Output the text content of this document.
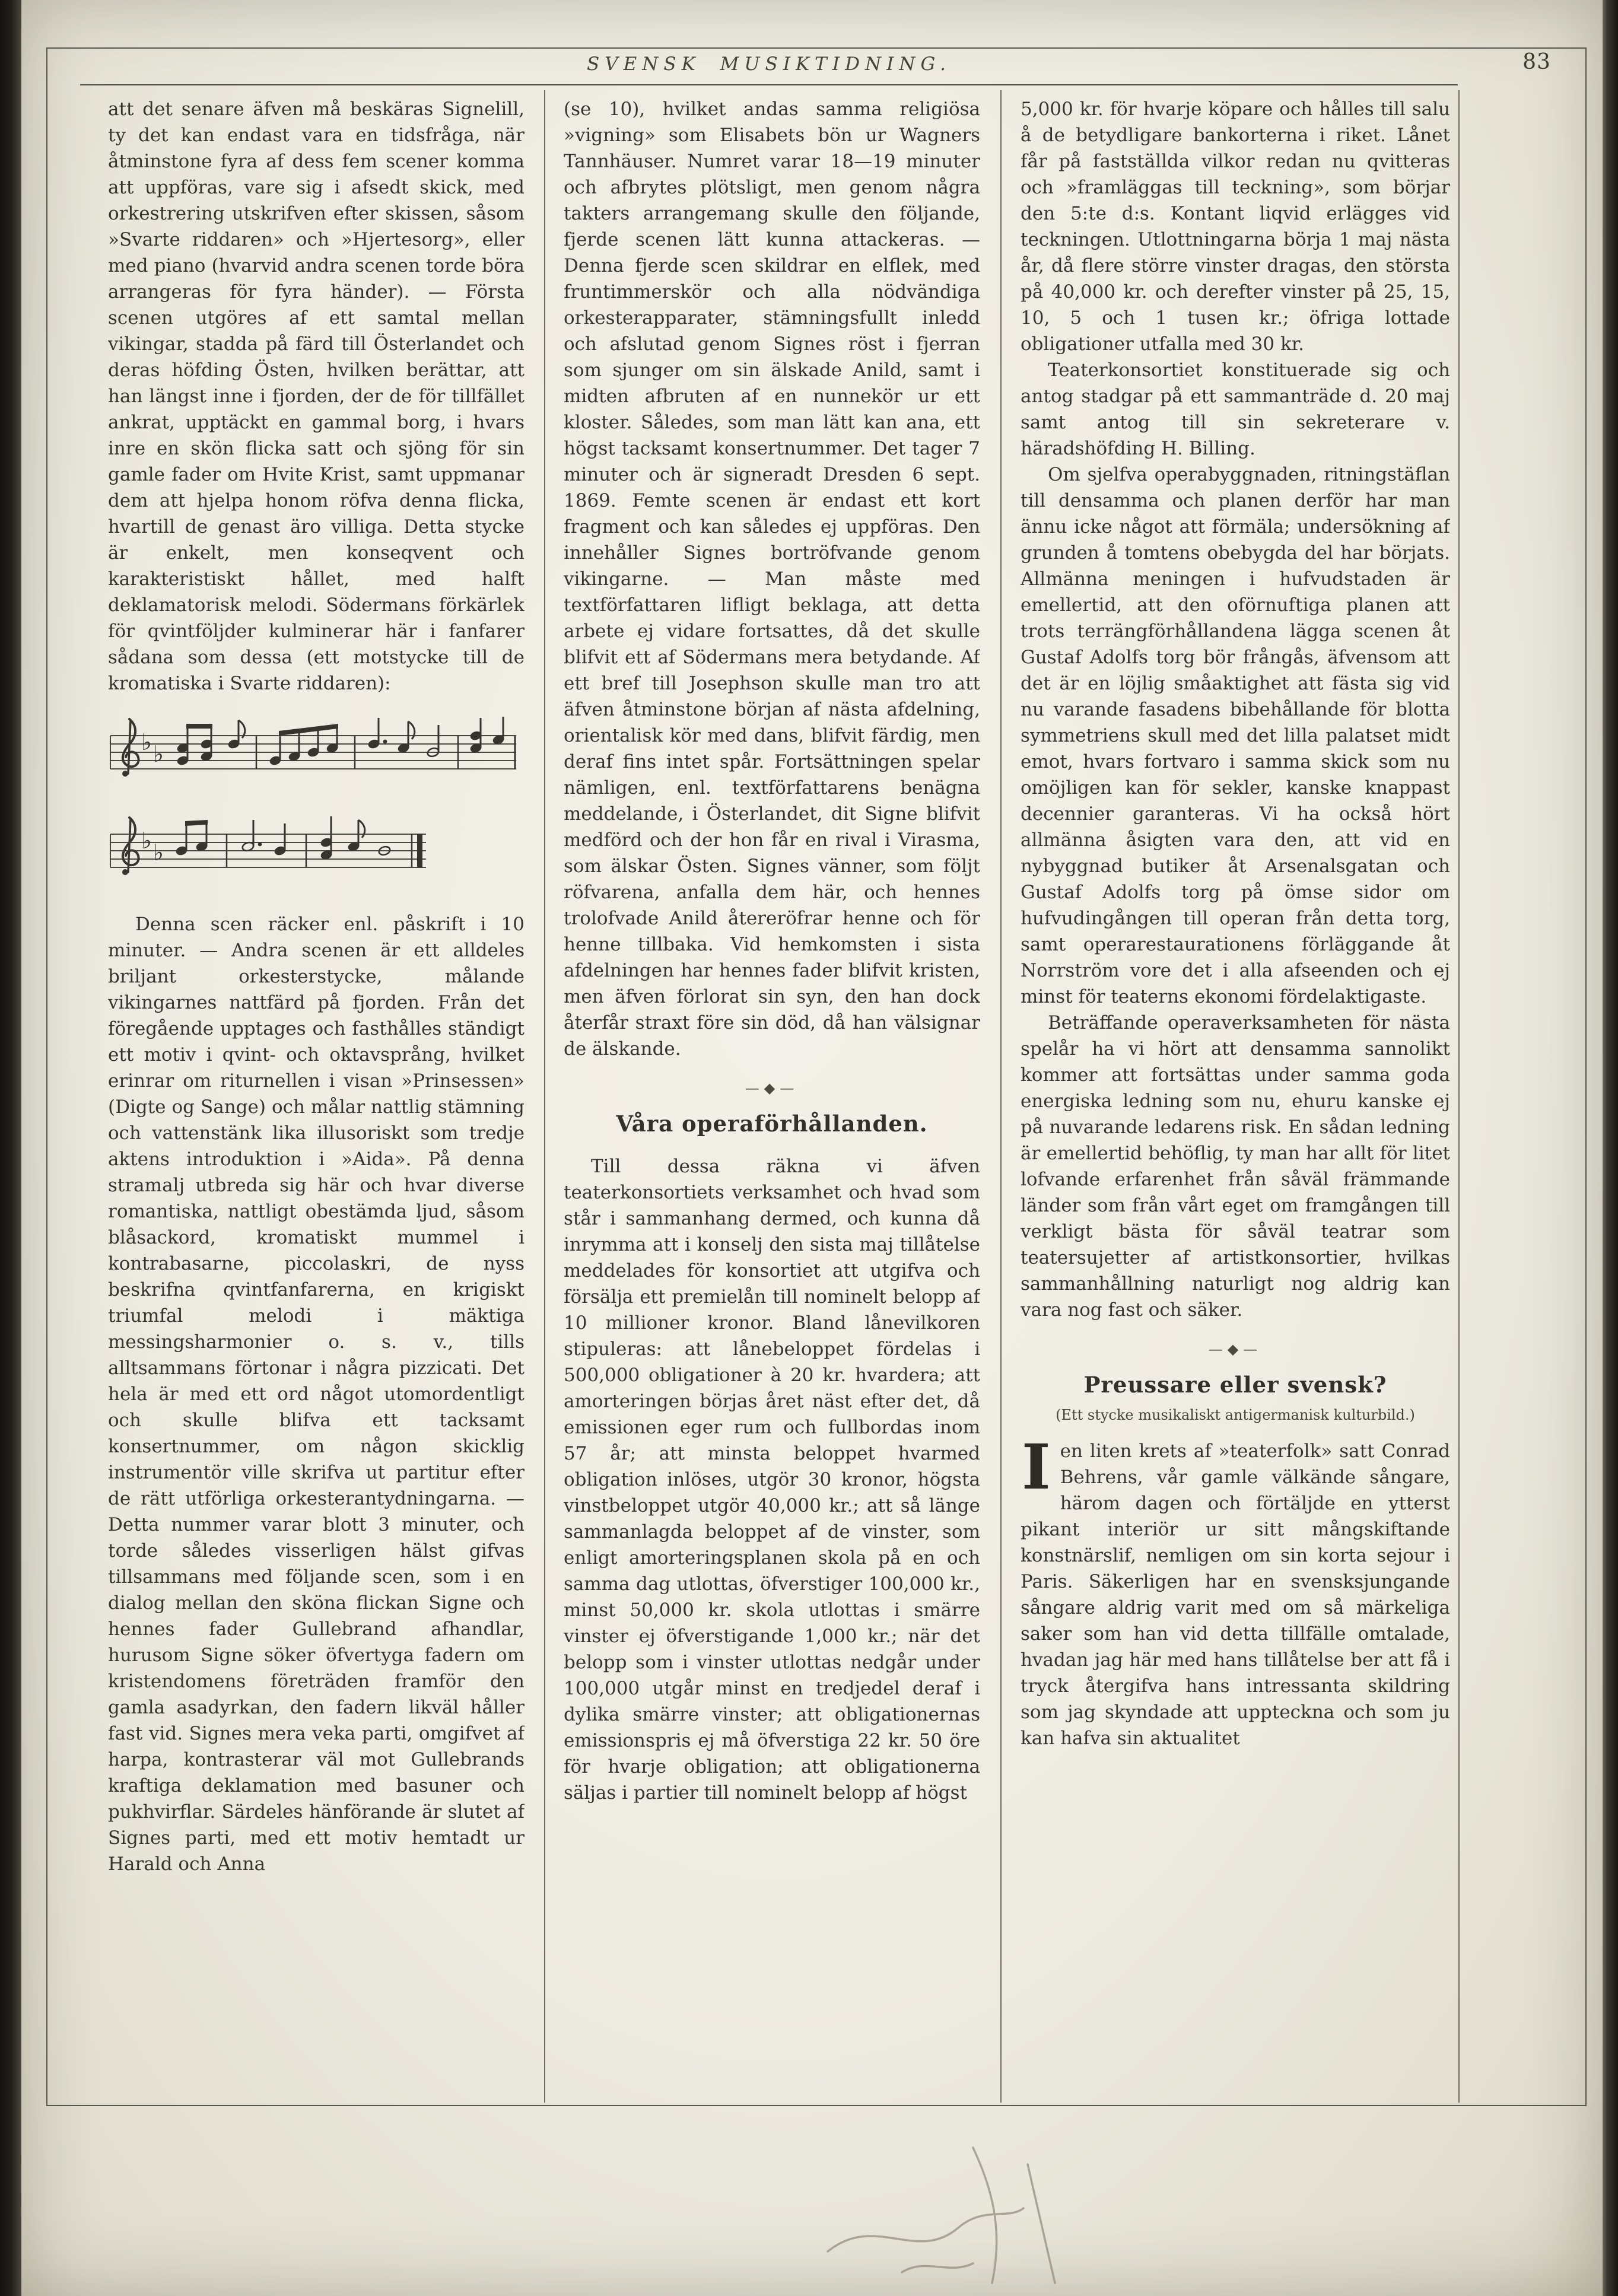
SVENSK MUSIKTIDNING.	83

att det senare äfven må beskäras Signelill, ty det kan endast vara en tidsfråga, när åtminstone fyra af dess fem scener komma att uppföras, vare sig i afsedt skick, med orkestrering utskrifven efter skissen, såsom »Svarte riddaren» och »Hjertesorg», eller med piano (hvarvid andra scenen torde böra arrangeras för fyra händer). — Första scenen utgöres af ett samtal mellan vikingar, stadda på färd till Österlandet och deras höfding Östen, hvilken berättar, att han längst inne i fjorden, der de för tillfället ankrat, upptäckt en gammal borg, i hvars inre en skön flicka satt och sjöng för sin gamle fader om Hvite Krist, samt uppmanar dem att hjelpa honom röfva denna flicka, hvartill de genast äro villiga. Detta stycke är enkelt, men konseqvent och karakteristiskt hållet, med halft deklamatorisk melodi. Södermans förkärlek för qvintföljder kulminerar här i fanfarer sådana som dessa (ett motstycke till de kromatiska i Svarte riddaren):

♭ ♭
♭ ♭

Denna scen räcker enl. påskrift i 10 minuter. — Andra scenen är ett alldeles briljant orkesterstycke, målande vikingarnes nattfärd på fjorden. Från det föregående upptages och fasthålles ständigt ett motiv i qvint- och oktavsprång, hvilket erinrar om riturnellen i visan »Prinsessen» (Digte og Sange) och målar nattlig stämning och vattenstänk lika illusoriskt som tredje aktens introduktion i »Aida». På denna stramalj utbreda sig här och hvar diverse romantiska, nattligt obestämda ljud, såsom blåsackord, kromatiskt mummel i kontrabasarne, piccolaskri, de nyss beskrifna qvintfanfarerna, en krigiskt triumfal melodi i mäktiga messingsharmonier o. s. v., tills alltsammans förtonar i några pizzicati. Det hela är med ett ord något utomordentligt och skulle blifva ett tacksamt konsertnummer, om någon skicklig instrumentör ville skrifva ut partitur efter de rätt utförliga orkesterantydningarna. — Detta nummer varar blott 3 minuter, och torde således visserligen hälst gifvas tillsammans med följande scen, som i en dialog mellan den sköna flickan Signe och hennes fader Gullebrand afhandlar, hurusom Signe söker öfvertyga fadern om kristendomens företräden framför den gamla asadyrkan, den fadern likväl håller fast vid. Signes mera veka parti, omgifvet af harpa, kontrasterar väl mot Gullebrands kraftiga deklamation med basuner och pukhvirflar. Särdeles hänförande är slutet af Signes parti, med ett motiv hemtadt ur Harald och Anna

(se 10), hvilket andas samma religiösa »vigning» som Elisabets bön ur Wagners Tannhäuser. Numret varar 18—19 minuter och afbrytes plötsligt, men genom några takters arrangemang skulle den följande, fjerde scenen lätt kunna attackeras. — Denna fjerde scen skildrar en elflek, med fruntimmerskör och alla nödvändiga orkesterapparater, stämningsfullt inledd och afslutad genom Signes röst i fjerran som sjunger om sin älskade Anild, samt i midten afbruten af en nunnekör ur ett kloster. Således, som man lätt kan ana, ett högst tacksamt konsertnummer. Det tager 7 minuter och är signeradt Dresden 6 sept. 1869. Femte scenen är endast ett kort fragment och kan således ej uppföras. Den innehåller Signes bortröfvande genom vikingarne. — Man måste med textförfattaren lifligt beklaga, att detta arbete ej vidare fortsattes, då det skulle blifvit ett af Södermans mera betydande. Af ett bref till Josephson skulle man tro att äfven åtminstone början af nästa afdelning, orientalisk kör med dans, blifvit färdig, men deraf fins intet spår. Fortsättningen spelar nämligen, enl. textförfattarens benägna meddelande, i Österlandet, dit Signe blifvit medförd och der hon får en rival i Virasma, som älskar Östen. Signes vänner, som följt röfvarena, anfalla dem här, och hennes trolofvade Anild återeröfrar henne och för henne tillbaka. Vid hemkomsten i sista afdelningen har hennes fader blifvit kristen, men äfven förlorat sin syn, den han dock återfår straxt före sin död, då han välsignar de älskande.

—◆—
Våra operaförhållanden.

Till dessa räkna vi äfven teaterkonsortiets verksamhet och hvad som står i sammanhang dermed, och kunna då inrymma att i konselj den sista maj tillåtelse meddelades för konsortiet att utgifva och försälja ett premielån till nominelt belopp af 10 millioner kronor. Bland lånevilkoren stipuleras: att lånebeloppet fördelas i 500,000 obligationer à 20 kr. hvardera; att amorteringen börjas året näst efter det, då emissionen eger rum och fullbordas inom 57 år; att minsta beloppet hvarmed obligation inlöses, utgör 30 kronor, högsta vinstbeloppet utgör 40,000 kr.; att så länge sammanlagda beloppet af de vinster, som enligt amorteringsplanen skola på en och samma dag utlottas, öfverstiger 100,000 kr., minst 50,000 kr. skola utlottas i smärre vinster ej öfverstigande 1,000 kr.; när det belopp som i vinster utlottas nedgår under 100,000 utgår minst en tredjedel deraf i dylika smärre vinster; att obligationernas emissionspris ej må öfverstiga 22 kr. 50 öre för hvarje obligation; att obligationerna säljas i partier till nominelt belopp af högst

5,000 kr. för hvarje köpare och hålles till salu å de betydligare bankorterna i riket. Lånet får på fastställda vilkor redan nu qvitteras och »framläggas till teckning», som börjar den 5:te d:s. Kontant liqvid erlägges vid teckningen. Utlottningarna börja 1 maj nästa år, då flere större vinster dragas, den största på 40,000 kr. och derefter vinster på 25, 15, 10, 5 och 1 tusen kr.; öfriga lottade obligationer utfalla med 30 kr.

Teaterkonsortiet konstituerade sig och antog stadgar på ett sammanträde d. 20 maj samt antog till sin sekreterare v. häradshöfding H. Billing.

Om sjelfva operabyggnaden, ritningstäflan till densamma och planen derför har man ännu icke något att förmäla; undersökning af grunden å tomtens obebygda del har börjats. Allmänna meningen i hufvudstaden är emellertid, att den oförnuftiga planen att trots terrängförhållandena lägga scenen åt Gustaf Adolfs torg bör frångås, äfvensom att det är en löjlig småaktighet att fästa sig vid nu varande fasadens bibehållande för blotta symmetriens skull med det lilla palatset midt emot, hvars fortvaro i samma skick som nu omöjligen kan för sekler, kanske knappast decennier garanteras. Vi ha också hört allmänna åsigten vara den, att vid en nybyggnad butiker åt Arsenalsgatan och Gustaf Adolfs torg på ömse sidor om hufvudingången till operan från detta torg, samt operarestaurationens förläggande åt Norrström vore det i alla afseenden och ej minst för teaterns ekonomi fördelaktigaste.

Beträffande operaverksamheten för nästa spelår ha vi hört att densamma sannolikt kommer att fortsättas under samma goda energiska ledning som nu, ehuru kanske ej på nuvarande ledarens risk. En sådan ledning är emellertid behöflig, ty man har allt för litet lofvande erfarenhet från såväl främmande länder som från vårt eget om framgången till verkligt bästa för såväl teatrar som teatersujetter af artistkonsortier, hvilkas sammanhållning naturligt nog aldrig kan vara nog fast och säker.

—◆—
Preussare eller svensk?
(Ett stycke musikaliskt antigermanisk kulturbild.)

I en liten krets af »teaterfolk» satt Conrad Behrens, vår gamle välkände sångare, härom dagen och förtäljde en ytterst pikant interiör ur sitt mångskiftande konstnärslif, nemligen om sin korta sejour i Paris. Säkerligen har en svensksjungande sångare aldrig varit med om så märkeliga saker som han vid detta tillfälle omtalade, hvadan jag här med hans tillåtelse ber att få i tryck återgifva hans intressanta skildring som jag skyndade att uppteckna och som ju kan hafva sin aktualitet
